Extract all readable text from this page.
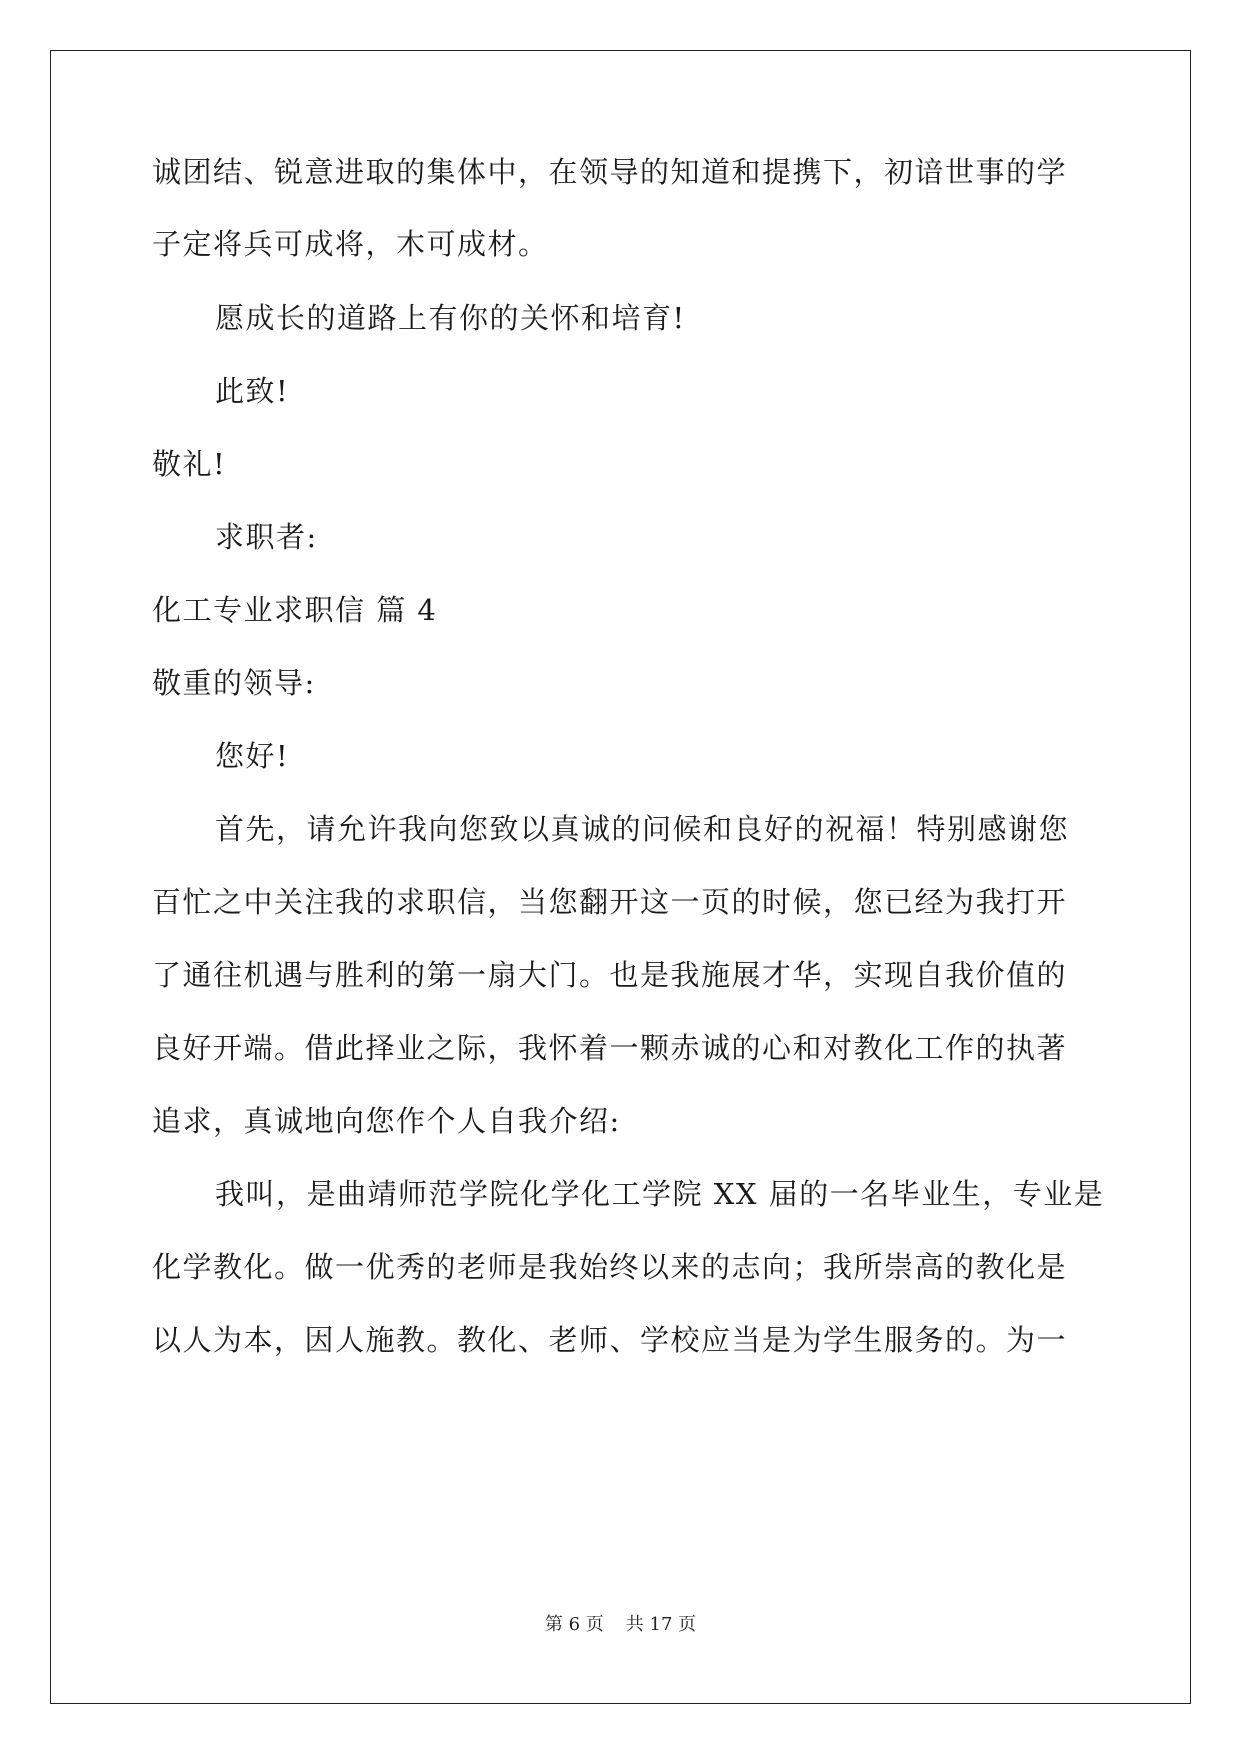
诚团结、锐意进取的集体中，在领导的知道和提携下，初谙世事的学
子定将兵可成将，木可成材。
愿成长的道路上有你的关怀和培育!
此致!
敬礼!
求职者:
化工专业求职信 篇 4
敬重的领导:
您好!
首先，请允许我向您致以真诚的问候和良好的祝福！特别感谢您
百忙之中关注我的求职信，当您翻开这一页的时候，您已经为我打开
了通往机遇与胜利的第一扇大门。也是我施展才华，实现自我价值的
良好开端。借此择业之际，我怀着一颗赤诚的心和对教化工作的执著
追求，真诚地向您作个人自我介绍:
我叫，是曲靖师范学院化学化工学院 XX 届的一名毕业生，专业是
化学教化。做一优秀的老师是我始终以来的志向；我所崇高的教化是
以人为本，因人施教。教化、老师、学校应当是为学生服务的。为一
第 6 页 共 17 页
